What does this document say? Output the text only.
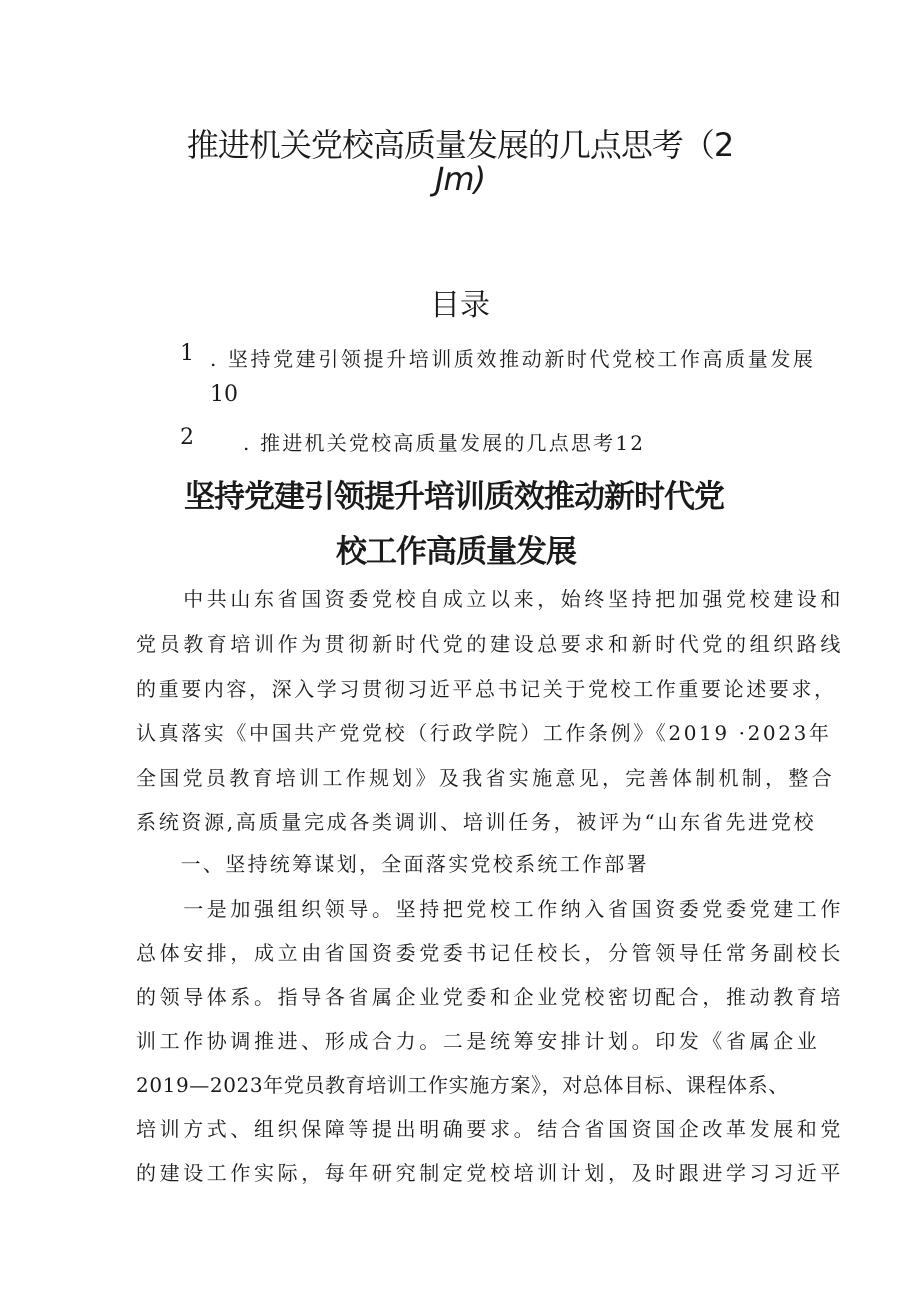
推进机关党校高质量发展的几点思考（2
Jm)
目录
1 . 坚持党建引领提升培训质效推动新时代党校工作高质量发展
10
2 . 推进机关党校高质量发展的几点思考12
坚持党建引领提升培训质效推动新时代党
校工作高质量发展
　　中共山东省国资委党校自成立以来，始终坚持把加强党校建设和
党员教育培训作为贯彻新时代党的建设总要求和新时代党的组织路线
的重要内容，深入学习贯彻习近平总书记关于党校工作重要论述要求，
认真落实《中国共产党党校（行政学院）工作条例》《2019 ·2023年
全国党员教育培训工作规划》及我省实施意见，完善体制机制，整合
系统资源,高质量完成各类调训、培训任务，被评为“山东省先进党校
　　一、坚持统筹谋划，全面落实党校系统工作部署
　　一是加强组织领导。坚持把党校工作纳入省国资委党委党建工作
总体安排，成立由省国资委党委书记任校长，分管领导任常务副校长
的领导体系。指导各省属企业党委和企业党校密切配合，推动教育培
训工作协调推进、形成合力。二是统筹安排计划。印发《省属企业
2019—2023年党员教育培训工作实施方案》，对总体目标、课程体系、
培训方式、组织保障等提出明确要求。结合省国资国企改革发展和党
的建设工作实际，每年研究制定党校培训计划，及时跟进学习习近平
